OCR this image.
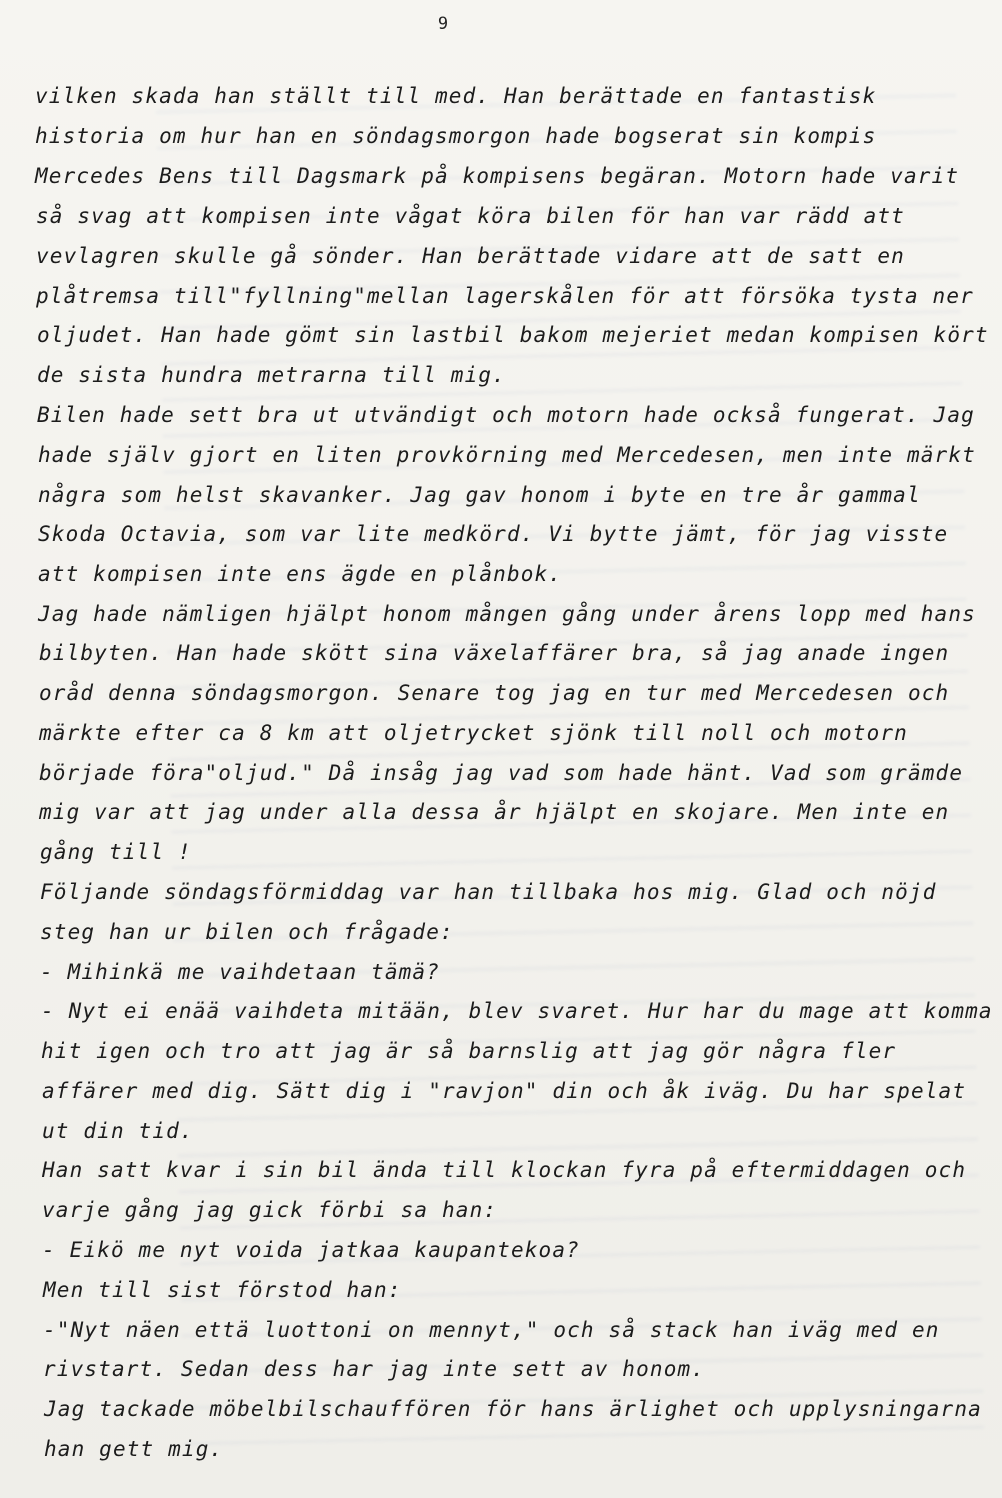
9
vilken skada han ställt till med. Han berättade en fantastisk
historia om hur han en söndagsmorgon hade bogserat sin kompis
Mercedes Bens till Dagsmark på kompisens begäran. Motorn hade varit
så svag att kompisen inte vågat köra bilen för han var rädd att
vevlagren skulle gå sönder. Han berättade vidare att de satt en
plåtremsa till"fyllning"mellan lagerskålen för att försöka tysta ner
oljudet. Han hade gömt sin lastbil bakom mejeriet medan kompisen kört
de sista hundra metrarna till mig.
Bilen hade sett bra ut utvändigt och motorn hade också fungerat. Jag
hade själv gjort en liten provkörning med Mercedesen, men inte märkt
några som helst skavanker. Jag gav honom i byte en tre år gammal
Skoda Octavia, som var lite medkörd. Vi bytte jämt, för jag visste
att kompisen inte ens ägde en plånbok.
Jag hade nämligen hjälpt honom mången gång under årens lopp med hans
bilbyten. Han hade skött sina växelaffärer bra, så jag anade ingen
oråd denna söndagsmorgon. Senare tog jag en tur med Mercedesen och
märkte efter ca 8 km att oljetrycket sjönk till noll och motorn
började föra"oljud." Då insåg jag vad som hade hänt. Vad som grämde
mig var att jag under alla dessa år hjälpt en skojare. Men inte en
gång till !
Följande söndagsförmiddag var han tillbaka hos mig. Glad och nöjd
steg han ur bilen och frågade:
- Mihinkä me vaihdetaan tämä?
- Nyt ei enää vaihdeta mitään, blev svaret. Hur har du mage att komma
hit igen och tro att jag är så barnslig att jag gör några fler
affärer med dig. Sätt dig i "ravjon" din och åk iväg. Du har spelat
ut din tid.
Han satt kvar i sin bil ända till klockan fyra på eftermiddagen och
varje gång jag gick förbi sa han:
- Eikö me nyt voida jatkaa kaupantekoa?
Men till sist förstod han:
-"Nyt näen että luottoni on mennyt," och så stack han iväg med en
rivstart. Sedan dess har jag inte sett av honom.
Jag tackade möbelbilschauffören för hans ärlighet och upplysningarna
han gett mig.
